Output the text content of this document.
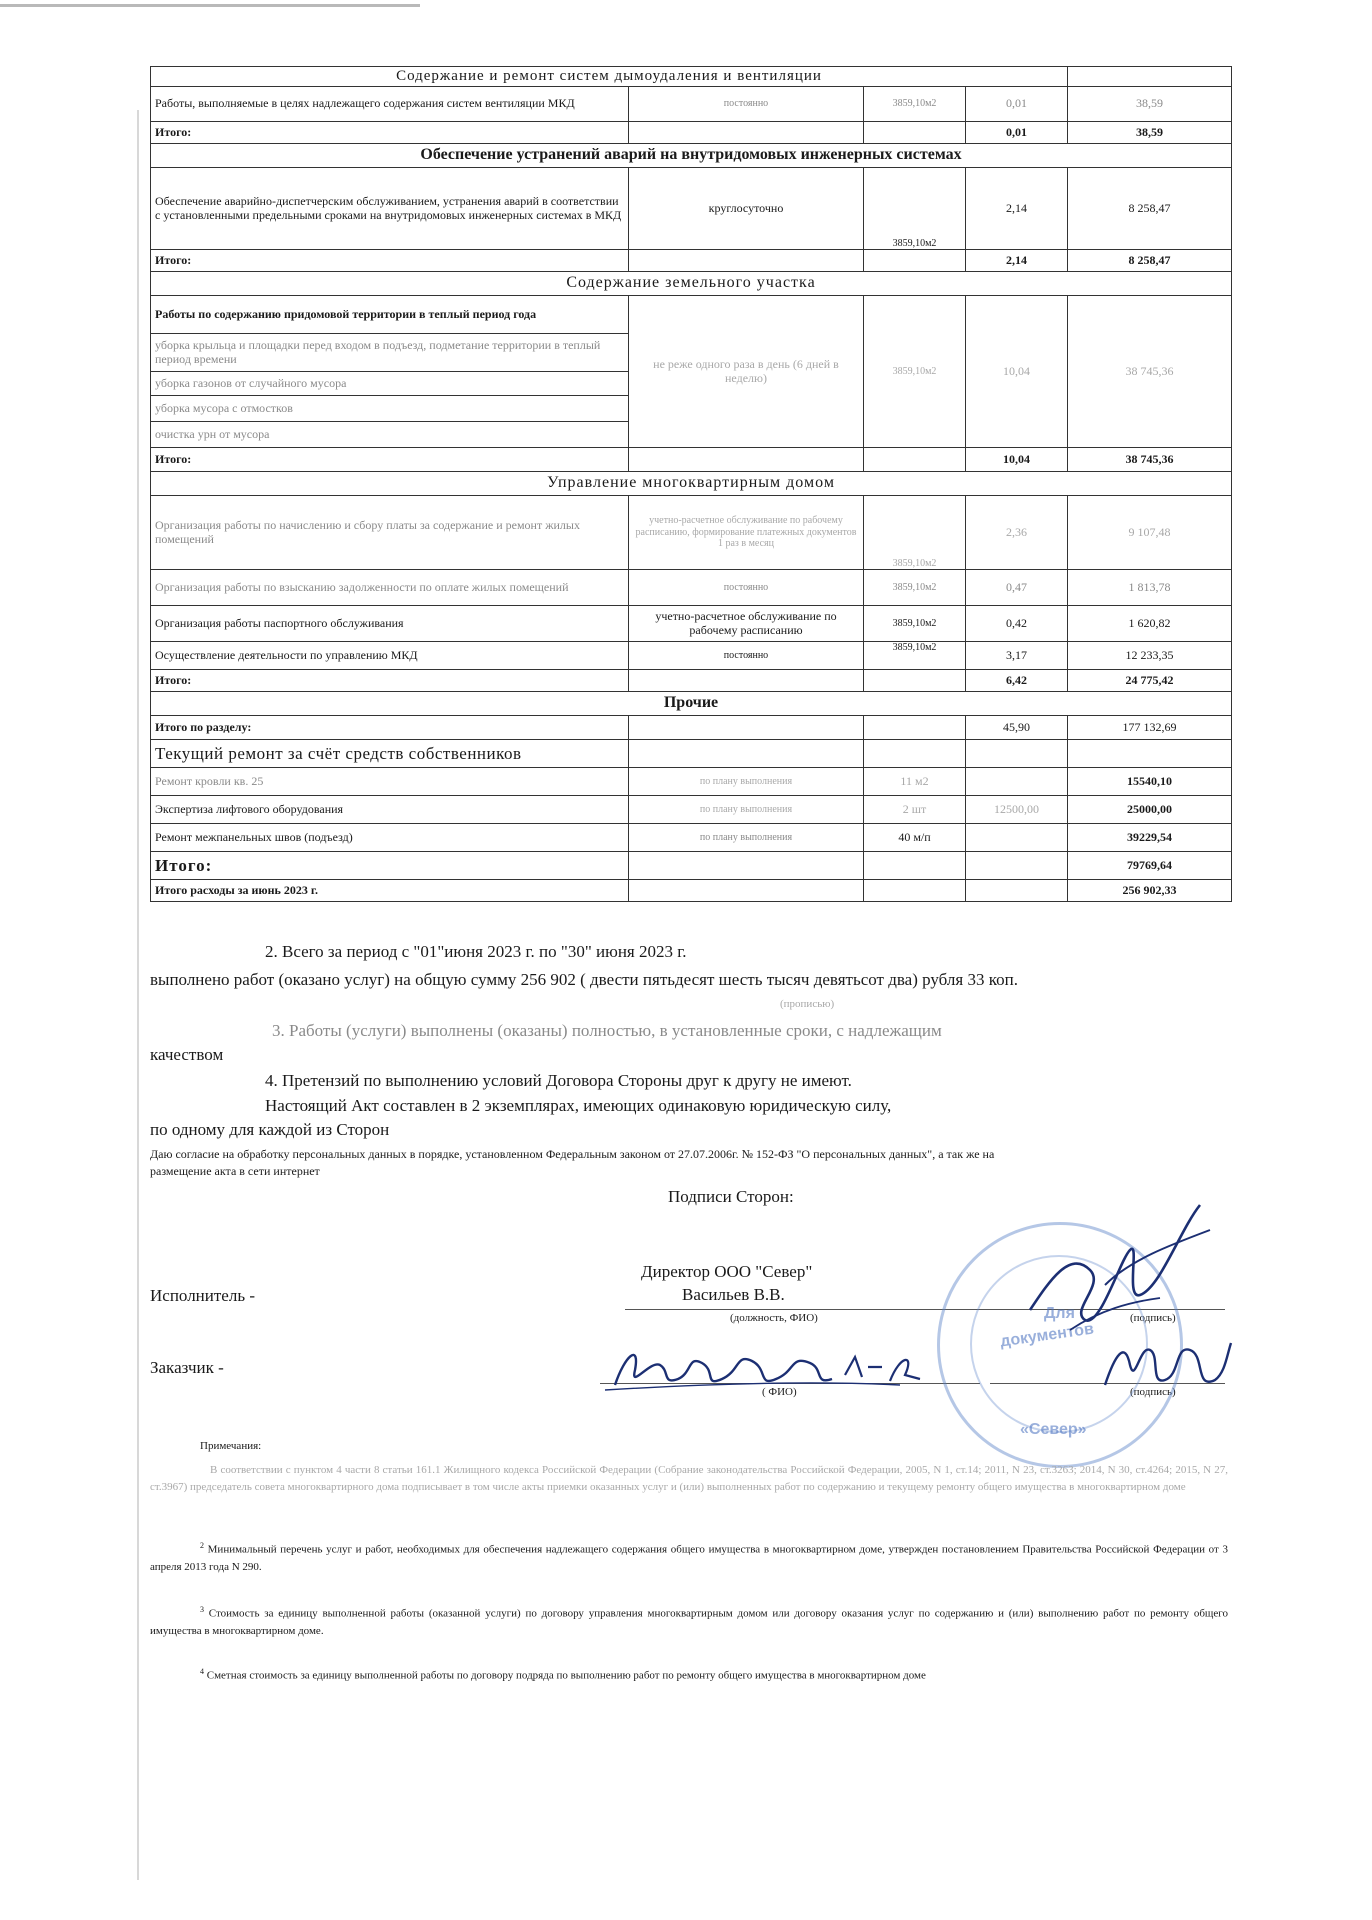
Содержание и ремонт систем дымоудаления и вентиляции				
Работы, выполняемые в целях надлежащего содержания систем вентиляции МКД	постоянно	3859,10м2	0,01	38,59
Итого:			0,01	38,59
Обеспечение устранений аварий на внутридомовых инженерных системах				
Обеспечение аварийно-диспетчерским обслуживанием, устранения аварий в соответствии с установленными предельными сроками на внутридомовых инженерных системах в МКД	круглосуточно	3859,10м2	2,14	8 258,47
Итого:			2,14	8 258,47
Содержание земельного участка				
Работы по содержанию придомовой территории в теплый период года	не реже одного раза в день (6 дней в неделю)	3859,10м2	10,04	38 745,36
уборка крыльца и площадки перед входом в подъезд, подметание территории в теплый период времени				
уборка газонов от случайного мусора				
уборка мусора с отмостков				
очистка урн от мусора				
Итого:			10,04	38 745,36
Управление многоквартирным домом				
Организация работы по начислению и сбору платы за содержание и ремонт жилых помещений	учетно-расчетное обслуживание по рабочему расписанию, формирование платежных документов 1 раз в месяц	3859,10м2	2,36	9 107,48
Организация работы по взысканию задолженности по оплате жилых помещений	постоянно	3859,10м2	0,47	1 813,78
Организация работы паспортного обслуживания	учетно-расчетное обслуживание по рабочему расписанию	3859,10м2	0,42	1 620,82
Осуществление деятельности по управлению МКД	постоянно	3859,10м2	3,17	12 233,35
Итого:			6,42	24 775,42
Прочие				
Итого по разделу:			45,90	177 132,69
Текущий ремонт за счёт средств собственников				
Ремонт кровли кв. 25	по плану выполнения	11 м2		15540,10
Экспертиза лифтового оборудования	по плану выполнения	2 шт	12500,00	25000,00
Ремонт межпанельных швов (подъезд)	по плану выполнения	40 м/п		39229,54
Итого:				79769,64
Итого расходы за июнь 2023 г.				256 902,33
2. Всего за период с "01"июня 2023 г. по "30" июня 2023 г.
выполнено работ (оказано услуг) на общую сумму 256 902 ( двести пятьдесят шесть тысяч девятьсот два) рубля 33 коп.
(прописью)
3. Работы (услуги) выполнены (оказаны) полностью, в установленные сроки, с надлежащим
качеством
4. Претензий по выполнению условий Договора Стороны друг к другу не имеют.
Настоящий Акт составлен в 2 экземплярах, имеющих одинаковую юридическую силу,
по одному для каждой из Сторон
Даю согласие на обработку персональных данных в порядке, установленном Федеральным законом от 27.07.2006г. № 152-ФЗ "О персональных данных", а так же на
размещение акта в сети интернет
Подписи Сторон:
Директор ООО "Север"
Васильев В.В.
Исполнитель -
(должность, ФИО)	(подпись)
Заказчик -
( ФИО)	(подпись)
Для
документов
«Север»
Примечания:
В соответствии с пунктом 4 части 8 статьи 161.1 Жилищного кодекса Российской Федерации (Собрание законодательства Российской Федерации, 2005, N 1, ст.14; 2011, N 23, ст.3263; 2014, N 30, ст.4264; 2015, N 27, ст.3967) председатель совета многоквартирного дома подписывает в том числе акты приемки оказанных услуг и (или) выполненных работ по содержанию и текущему ремонту общего имущества в многоквартирном доме
$^2$ Минимальный перечень услуг и работ, необходимых для обеспечения надлежащего содержания общего имущества в многоквартирном доме, утвержден постановлением Правительства Российской Федерации от 3 апреля 2013 года N 290.
$^3$ Стоимость за единицу выполненной работы (оказанной услуги) по договору управления многоквартирным домом или договору оказания услуг по содержанию и (или) выполнению работ по ремонту общего имущества в многоквартирном доме.
$^4$ Сметная стоимость за единицу выполненной работы по договору подряда по выполнению работ по ремонту общего имущества в многоквартирном доме
